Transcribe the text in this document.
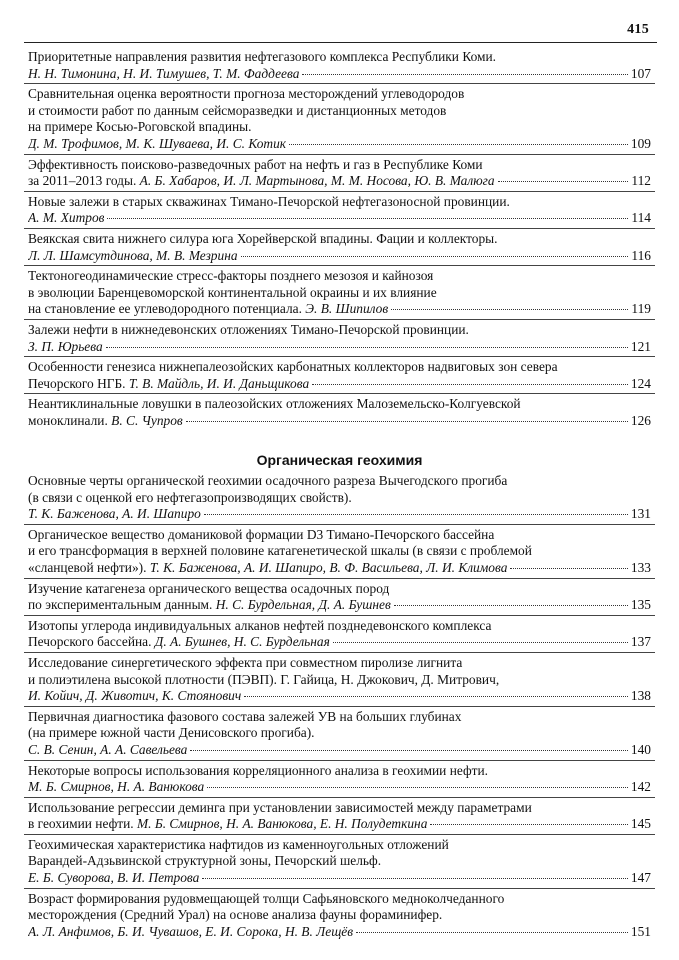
415
Приоритетные направления развития нефтегазового комплекса Республики Коми.
Н. Н. Тимонина, Н. И. Тимушев, Т. М. Фаддеева	107
Сравнительная оценка вероятности прогноза месторождений углеводородов
и стоимости работ по данным сейсморазведки и дистанционных методов
на примере Косью-Роговской впадины.
Д. М. Трофимов, М. К. Шуваева, И. С. Котик	109
Эффективность поисково-разведочных работ на нефть и газ в Республике Коми
за 2011–2013 годы. А. Б. Хабаров, И. Л. Мартынова, М. М. Носова, Ю. В. Малюга	112
Новые залежи в старых скважинах Тимано-Печорской нефтегазоносной провинции.
А. М. Хитров	114
Веякская свита нижнего силура юга Хорейверской впадины. Фации и коллекторы.
Л. Л. Шамсутдинова, М. В. Мезрина	116
Тектоногеодинамические стресс-факторы позднего мезозоя и кайнозоя
в эволюции Баренцевоморской континентальной окраины и их влияние
на становление ее углеводородного потенциала. Э. В. Шипилов	119
Залежи нефти в нижнедевонских отложениях Тимано-Печорской провинции.
З. П. Юрьева	121
Особенности генезиса нижнепалеозойских карбонатных коллекторов надвиговых зон севера
Печорского НГБ. Т. В. Майдль, И. И. Даньщикова	124
Неантиклинальные ловушки в палеозойских отложениях Малоземельско-Колгуевской
моноклинали. В. С. Чупров	126
Органическая геохимия
Основные черты органической геохимии осадочного разреза Вычегодского прогиба
(в связи с оценкой его нефтегазопроизводящих свойств).
Т. К. Баженова, А. И. Шапиро	131
Органическое вещество доманиковой формации D3 Тимано-Печорского бассейна
и его трансформация в верхней половине катагенетической шкалы (в связи с проблемой
«сланцевой нефти»). Т. К. Баженова, А. И. Шапиро, В. Ф. Васильева, Л. И. Климова	133
Изучение катагенеза органического вещества осадочных пород
по экспериментальным данным. Н. С. Бурдельная, Д. А. Бушнев	135
Изотопы углерода индивидуальных алканов нефтей позднедевонского комплекса
Печорского бассейна. Д. А. Бушнев, Н. С. Бурдельная	137
Исследование синергетического эффекта при совместном пиролизе лигнита
и полиэтилена высокой плотности (ПЭВП). Г. Гайица, Н. Джокович, Д. Митрович,
И. Койич, Д. Животич, К. Стоянович	138
Первичная диагностика фазового состава залежей УВ на больших глубинах
(на примере южной части Денисовского прогиба).
С. В. Сенин, А. А. Савельева	140
Некоторые вопросы использования корреляционного анализа в геохимии нефти.
М. Б. Смирнов, Н. А. Ванюкова	142
Использование регрессии деминга при установлении зависимостей между параметрами
в геохимии нефти. М. Б. Смирнов, Н. А. Ванюкова, Е. Н. Полудеткина	145
Геохимическая характеристика нафтидов из каменноугольных отложений
Варандей-Адзьвинской структурной зоны, Печорский шельф.
Е. Б. Суворова, В. И. Петрова	147
Возраст формирования рудовмещающей толщи Сафьяновского медноколчеданного
месторождения (Средний Урал) на основе анализа фауны фораминифер.
А. Л. Анфимов, Б. И. Чувашов, Е. И. Сорока, Н. В. Лещёв	151
